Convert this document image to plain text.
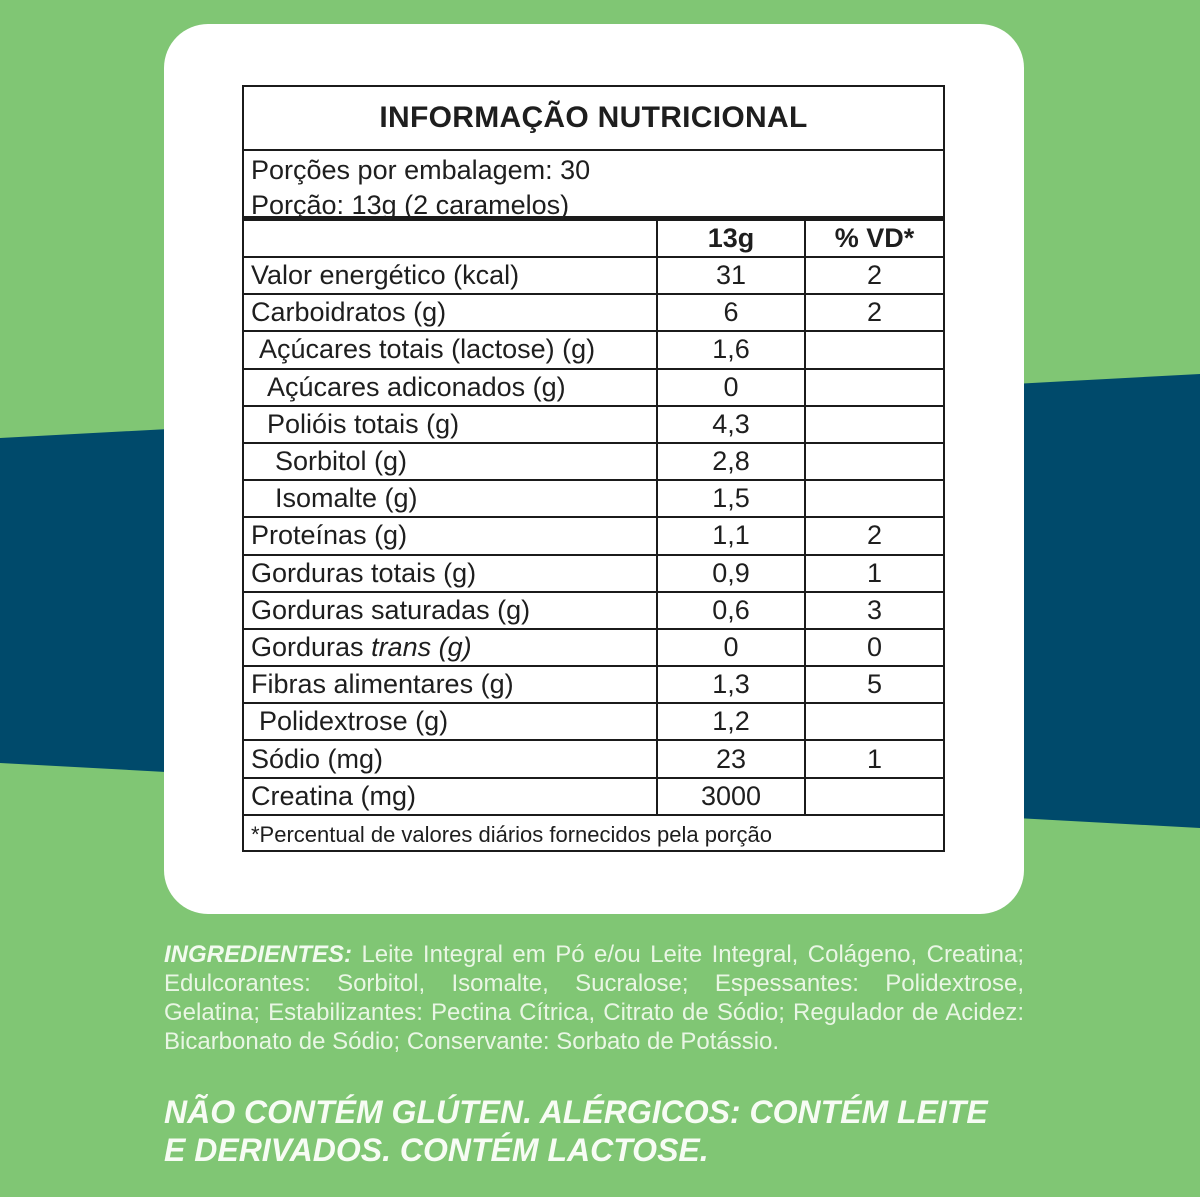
INFORMAÇÃO NUTRICIONAL
Porções por embalagem: 30
Porção: 13g (2 caramelos)
13g	% VD*
Valor energético (kcal)	31	2
Carboidratos (g)	6	2
Açúcares totais (lactose) (g)	1,6
Açúcares adiconados (g)	0
Polióis totais (g)	4,3
Sorbitol (g)	2,8
Isomalte (g)	1,5
Proteínas (g)	1,1	2
Gorduras totais (g)	0,9	1
Gorduras saturadas (g)	0,6	3
Gorduras trans (g)	0	0
Fibras alimentares (g)	1,3	5
Polidextrose (g)	1,2
Sódio (mg)	23	1
Creatina (mg)	3000
*Percentual de valores diários fornecidos pela porção
INGREDIENTES: Leite Integral em Pó e/ou Leite Integral, Colágeno, Creatina; Edulcorantes: Sorbitol, Isomalte, Sucralose; Espessantes: Polidextrose, Gelatina; Estabilizantes: Pectina Cítrica, Citrato de Sódio; Regulador de Acidez: Bicarbonato de Sódio; Conservante: Sorbato de Potássio.
NÃO CONTÉM GLÚTEN. ALÉRGICOS: CONTÉM LEITE
E DERIVADOS. CONTÉM LACTOSE.
